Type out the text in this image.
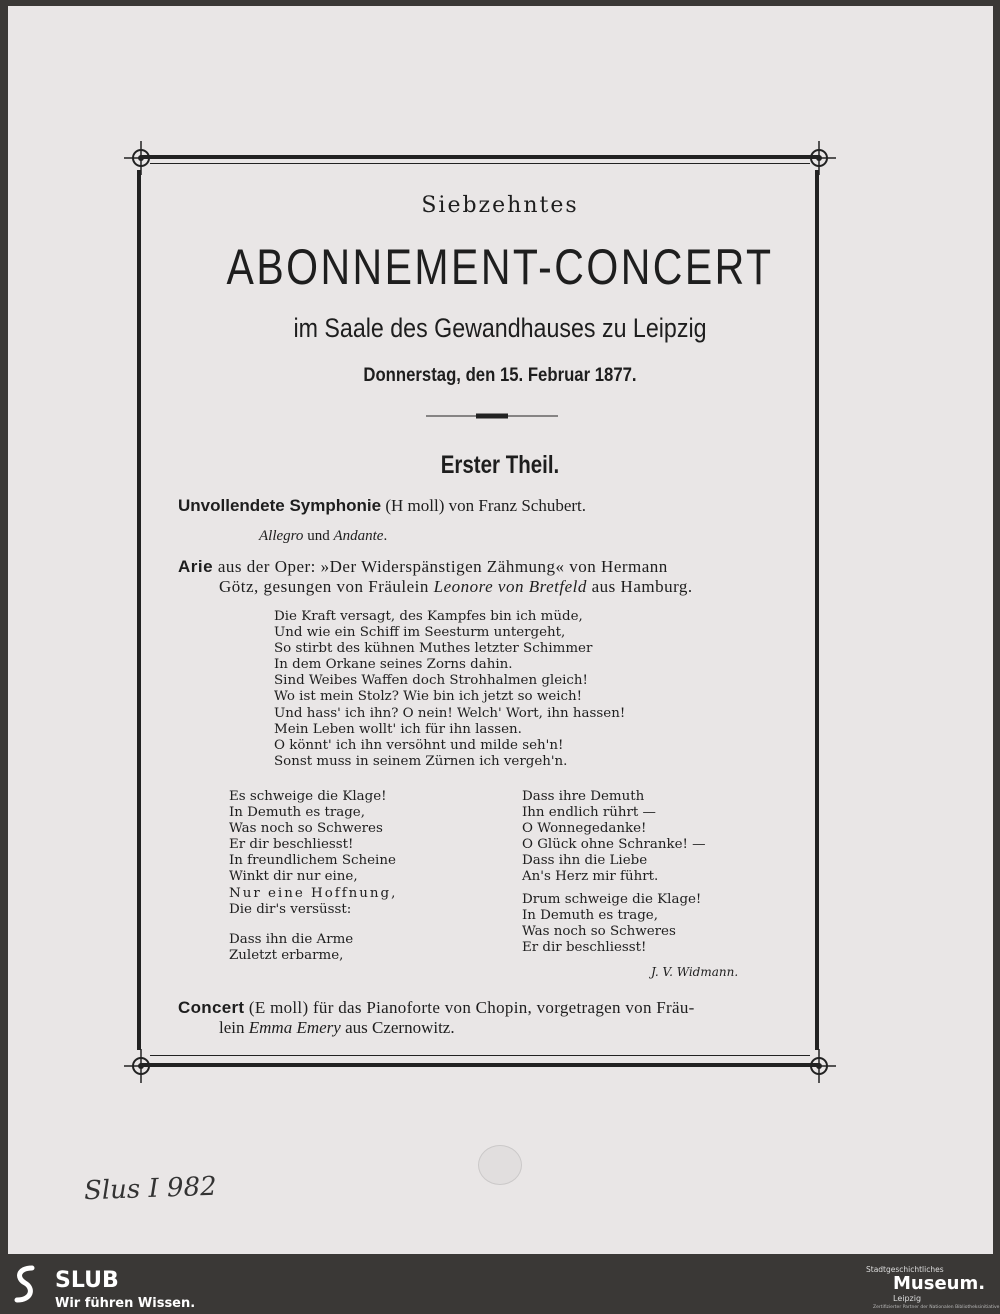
Siebzehntes
ABONNEMENT-CONCERT
im Saale des Gewandhauses zu Leipzig
Donnerstag, den 15. Februar 1877.
Erster Theil.
Unvollendete Symphonie (H moll) von Franz Schubert.
Allegro und Andante.
Arie aus der Oper: »Der Widerspänstigen Zähmung« von Hermann
Götz, gesungen von Fräulein Leonore von Bretfeld aus Hamburg.
Die Kraft versagt, des Kampfes bin ich müde,
Und wie ein Schiff im Seesturm untergeht,
So stirbt des kühnen Muthes letzter Schimmer
In dem Orkane seines Zorns dahin.
Sind Weibes Waffen doch Strohhalmen gleich!
Wo ist mein Stolz? Wie bin ich jetzt so weich!
Und hass' ich ihn? O nein! Welch' Wort, ihn hassen!
Mein Leben wollt' ich für ihn lassen.
O könnt' ich ihn versöhnt und milde seh'n!
Sonst muss in seinem Zürnen ich vergeh'n.
Es schweige die Klage!
In Demuth es trage,
Was noch so Schweres
Er dir beschliesst!
In freundlichem Scheine
Winkt dir nur eine,
Nur eine Hoffnung,
Die dir's versüsst:
Dass ihn die Arme
Zuletzt erbarme,
Dass ihre Demuth
Ihn endlich rührt —
O Wonnegedanke!
O Glück ohne Schranke! —
Dass ihn die Liebe
An's Herz mir führt.
Drum schweige die Klage!
In Demuth es trage,
Was noch so Schweres
Er dir beschliesst!
J. V. Widmann.
Concert (E moll) für das Pianoforte von Chopin, vorgetragen von Fräu-
lein Emma Emery aus Czernowitz.
Slus I 982
SLUB
Wir führen Wissen.
Stadtgeschichtliches
Museum.
Leipzig
Zertifizierter Partner der Nationalen Bibliotheksinitiative
